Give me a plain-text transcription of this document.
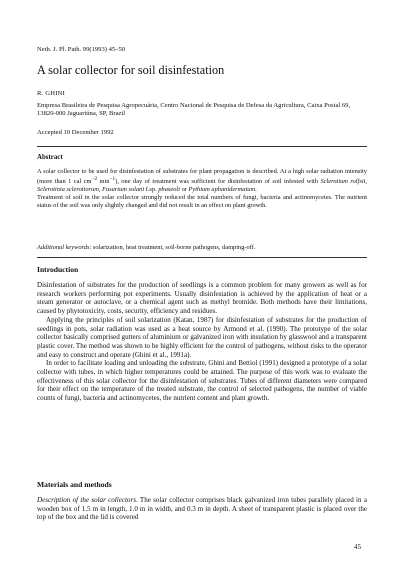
Neth. J. Pl. Path. 99(1993) 45–50
A solar collector for soil disinfestation
R. GHINI
Empresa Brasileira de Pesquisa Agropecuária, Centro Nacional de Pesquisa de Defesa da Agricultura, Caixa Postal 69, 13820-000 Jaguariúna, SP, Brazil
Accepted 10 December 1992
Abstract

A solar collector to be used for disinfestation of substrates for plant propagation is described. At a high solar radiation intensity (more than 1 cal $cm^{-2}$ $\min^{-1}$), one day of treatment was sufficient for disinfestation of soil infested with Sclerotium rolfsii, Sclerotinia sclerotiorum, Fusarium solani f.sp. phaseoli or Pythium aphanidermatum.

Treatment of soil in the solar collector strongly reduced the total numbers of fungi, bacteria and actinomycetes. The nutrient status of the soil was only slightly changed and did not result in an effect on plant growth.

Additional keywords: solarization, heat treatment, soil-borne pathogens, damping-off.
Introduction

Disinfestation of substrates for the production of seedlings is a common problem for many growers as well as for research workers performing pot experiments. Usually disinfestation is achieved by the application of heat or a steam generator or autoclave, or a chemical agent such as methyl bromide. Both methods have their limitations, caused by phytotoxicity, costs, security, efficiency and residues.

Applying the principles of soil solarization (Katan, 1987) for disinfestation of substrates for the production of seedlings in pots, solar radiation was used as a heat source by Armond et al. (1990). The prototype of the solar collector basically comprised gutters of aluminium or galvanized iron with insulation by glasswool and a transparent plastic cover. The method was shown to be highly efficient for the control of pathogens, without risks to the operator and easy to construct and operate (Ghini et al., 1991a).

In order to facilitate loading and unloading the substrate, Ghini and Bettiol (1991) designed a prototype of a solar collector with tubes, in which higher temperatures could be attained. The purpose of this work was to evaluate the effectiveness of this solar collector for the disinfestation of substrates. Tubes of different diameters were compared for their effect on the temperature of the treated substrate, the control of selected pathogens, the number of viable counts of fungi, bacteria and actinomycetes, the nutrient content and plant growth.

Materials and methods

Description of the solar collectors. The solar collector comprises black galvanized iron tubes parallely placed in a wooden box of 1.5 m in length, 1.0 m in width, and 0.3 m in depth. A sheet of transparent plastic is placed over the top of the box and the lid is covered

45
